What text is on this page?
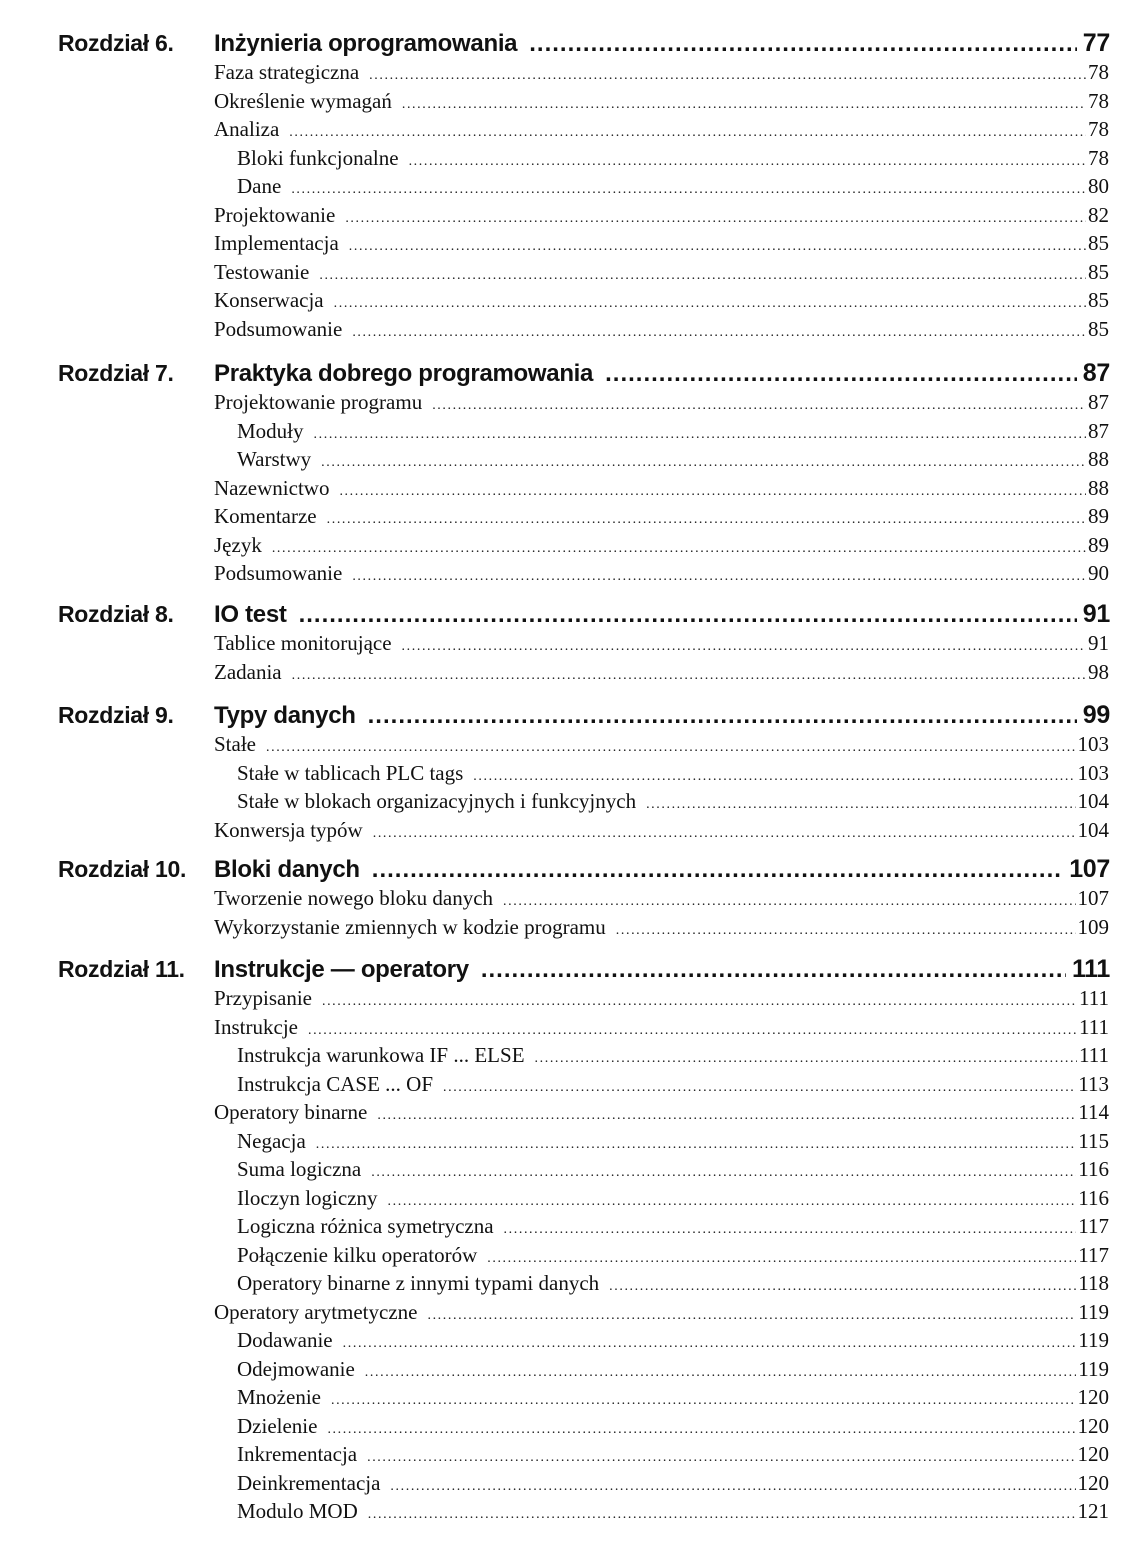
Rozdział 6.	Inżynieria oprogramowania .....	77
Faza strategiczna .....	78
Określenie wymagań .....	78
Analiza .....	78
Bloki funkcjonalne .....	78
Dane .....	80
Projektowanie .....	82
Implementacja .....	85
Testowanie .....	85
Konserwacja .....	85
Podsumowanie .....	85
Rozdział 7.	Praktyka dobrego programowania .....	87
Projektowanie programu .....	87
Moduły .....	87
Warstwy .....	88
Nazewnictwo .....	88
Komentarze .....	89
Język .....	89
Podsumowanie .....	90
Rozdział 8.	IO test .....	91
Tablice monitorujące .....	91
Zadania .....	98
Rozdział 9.	Typy danych .....	99
Stałe .....	103
Stałe w tablicach PLC tags .....	103
Stałe w blokach organizacyjnych i funkcyjnych .....	104
Konwersja typów .....	104
Rozdział 10.	Bloki danych .....	107
Tworzenie nowego bloku danych .....	107
Wykorzystanie zmiennych w kodzie programu .....	109
Rozdział 11.	Instrukcje — operatory .....	111
Przypisanie .....	111
Instrukcje .....	111
Instrukcja warunkowa IF ... ELSE .....	111
Instrukcja CASE ... OF .....	113
Operatory binarne .....	114
Negacja .....	115
Suma logiczna .....	116
Iloczyn logiczny .....	116
Logiczna różnica symetryczna .....	117
Połączenie kilku operatorów .....	117
Operatory binarne z innymi typami danych .....	118
Operatory arytmetyczne .....	119
Dodawanie .....	119
Odejmowanie .....	119
Mnożenie .....	120
Dzielenie .....	120
Inkrementacja .....	120
Deinkrementacja .....	120
Modulo MOD .....	121
